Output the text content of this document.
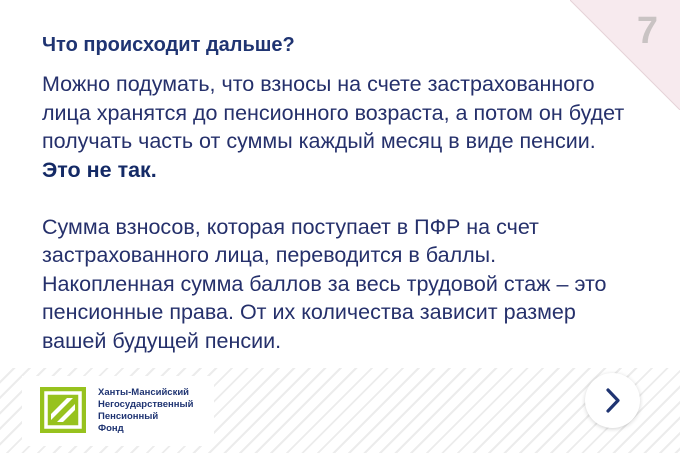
7
Что происходит дальше?

Можно подумать, что взносы на счете застрахованного

лица хранятся до пенсионного возраста, а потом он будет

получать часть от суммы каждый месяц в виде пенсии.

Это не так.

Сумма взносов, которая поступает в ПФР на счет

застрахованного лица, переводится в баллы.

Накопленная сумма баллов за весь трудовой стаж – это

пенсионные права. От их количества зависит размер

вашей будущей пенсии.

Ханты-Мансийский
Негосударственный
Пенсионный
Фонд
